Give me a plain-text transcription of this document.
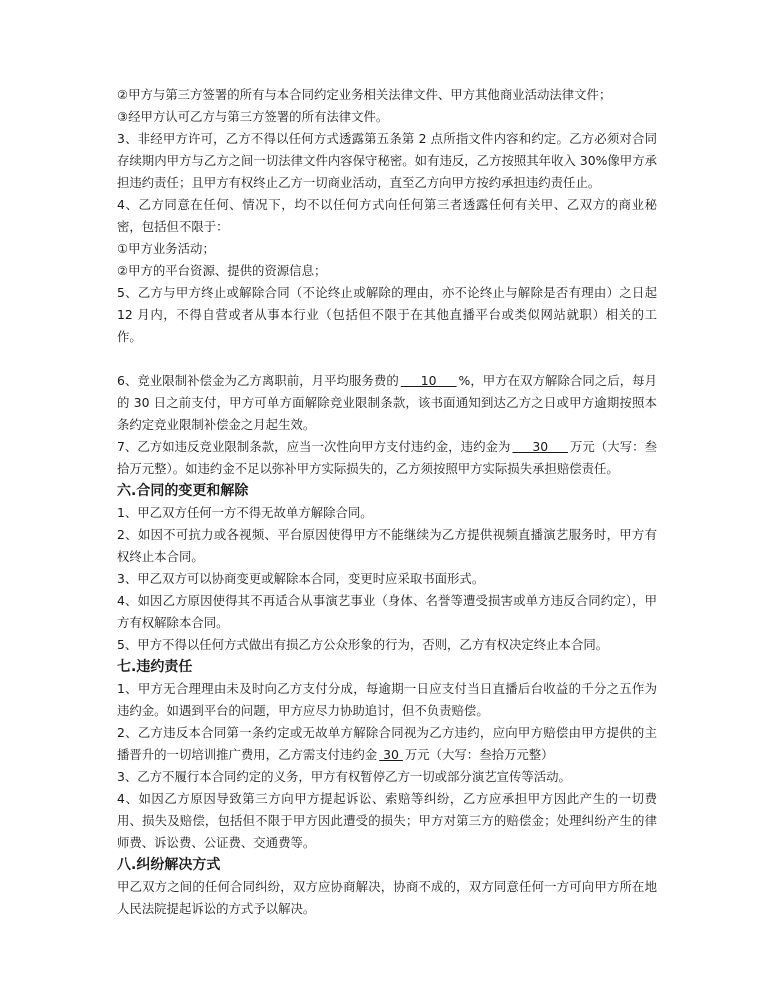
②甲方与第三方签署的所有与本合同约定业务相关法律文件、甲方其他商业活动法律文件；

③经甲方认可乙方与第三方签署的所有法律文件。

3、非经甲方许可，乙方不得以任何方式透露第五条第 2 点所指文件内容和约定。乙方必须对合同存续期内甲方与乙方之间一切法律文件内容保守秘密。如有违反，乙方按照其年收入 30%像甲方承担违约责任；且甲方有权终止乙方一切商业活动，直至乙方向甲方按约承担违约责任止。

4、乙方同意在任何、情况下，均不以任何方式向任何第三者透露任何有关甲、乙双方的商业秘密，包括但不限于：

①甲方业务活动；

②甲方的平台资源、提供的资源信息；

5、乙方与甲方终止或解除合同（不论终止或解除的理由，亦不论终止与解除是否有理由）之日起 12 月内，不得自营或者从事本行业（包括但不限于在其他直播平台或类似网站就职）相关的工作。

6、竞业限制补偿金为乙方离职前，月平均服务费的     10     %，甲方在双方解除合同之后，每月的 30 日之前支付，甲方可单方面解除竞业限制条款，该书面通知到达乙方之日或甲方逾期按照本条约定竞业限制补偿金之月起生效。

7、乙方如违反竞业限制条款，应当一次性向甲方支付违约金，违约金为     30     万元（大写：叁拾万元整）。如违约金不足以弥补甲方实际损失的，乙方须按照甲方实际损失承担赔偿责任。

六.合同的变更和解除

1、甲乙双方任何一方不得无故单方解除合同。

2、如因不可抗力或各视频、平台原因使得甲方不能继续为乙方提供视频直播演艺服务时，甲方有权终止本合同。

3、甲乙双方可以协商变更或解除本合同，变更时应采取书面形式。

4、如因乙方原因使得其不再适合从事演艺事业（身体、名誉等遭受损害或单方违反合同约定），甲方有权解除本合同。

5、甲方不得以任何方式做出有损乙方公众形象的行为，否则，乙方有权决定终止本合同。

七.违约责任

1、甲方无合理理由未及时向乙方支付分成，每逾期一日应支付当日直播后台收益的千分之五作为违约金。如遇到平台的问题，甲方应尽力协助追讨，但不负责赔偿。

2、乙方违反本合同第一条约定或无故单方解除合同视为乙方违约，应向甲方赔偿由甲方提供的主播晋升的一切培训推广费用，乙方需支付违约金 30 万元（大写：叁拾万元整）

3、乙方不履行本合同约定的义务，甲方有权暂停乙方一切或部分演艺宣传等活动。

4、如因乙方原因导致第三方向甲方提起诉讼、索赔等纠纷，乙方应承担甲方因此产生的一切费用、损失及赔偿，包括但不限于甲方因此遭受的损失；甲方对第三方的赔偿金；处理纠纷产生的律师费、诉讼费、公证费、交通费等。

八.纠纷解决方式

甲乙双方之间的任何合同纠纷，双方应协商解决，协商不成的，双方同意任何一方可向甲方所在地人民法院提起诉讼的方式予以解决。
